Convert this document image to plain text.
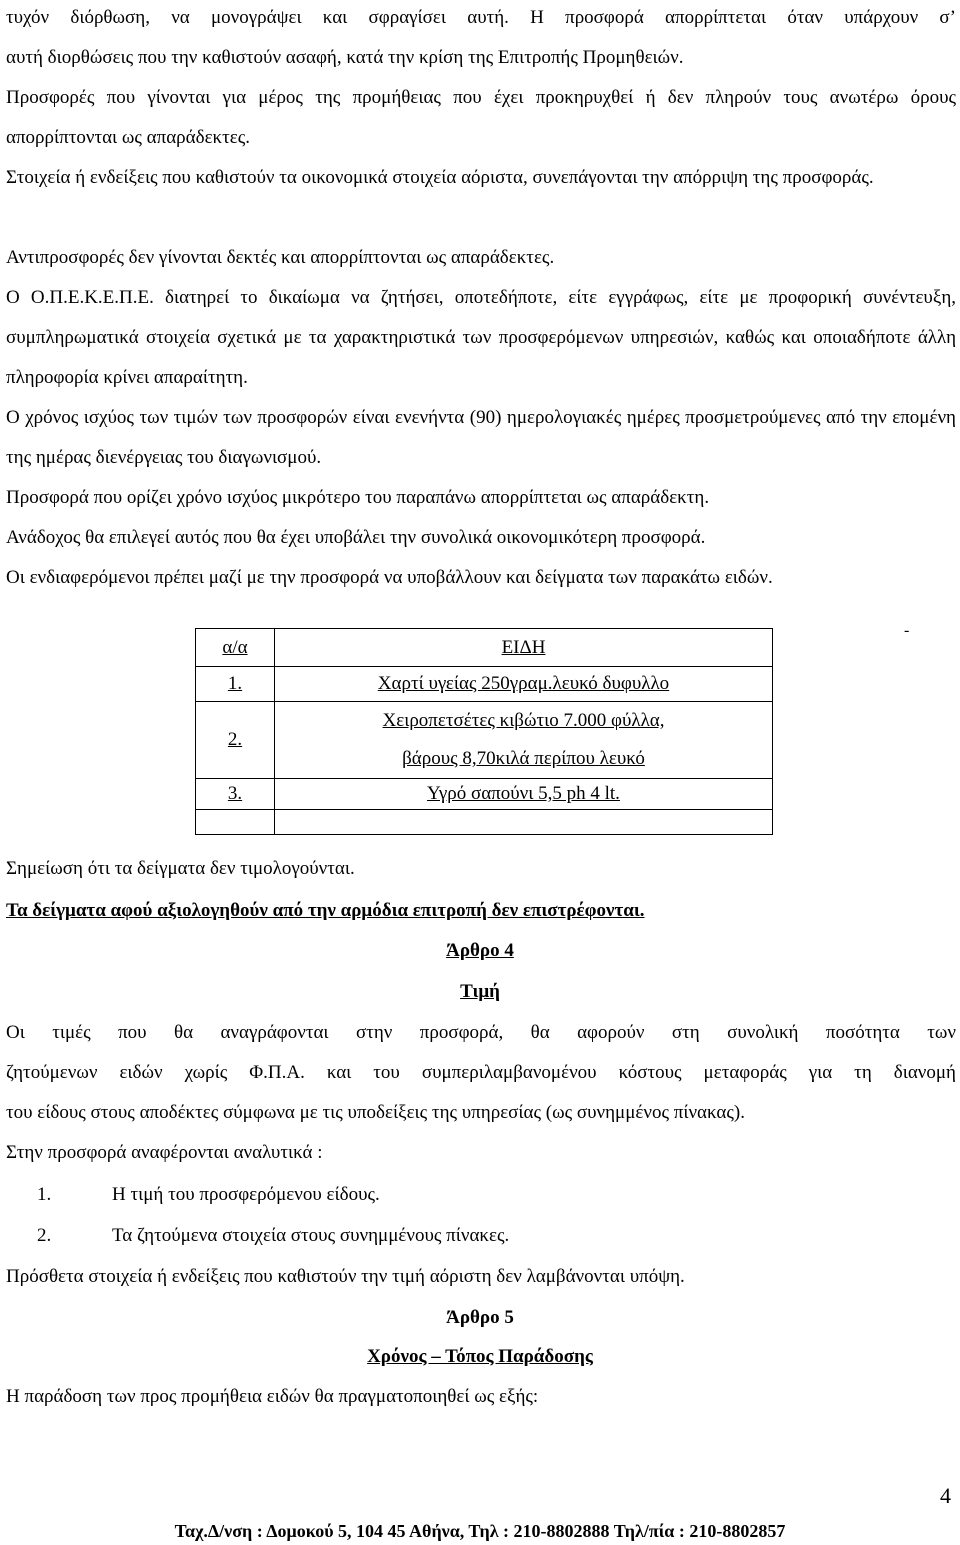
τυχόν διόρθωση, να μονογράψει και σφραγίσει αυτή. Η προσφορά απορρίπτεται όταν υπάρχουν σ’
αυτή διορθώσεις που την καθιστούν ασαφή, κατά την κρίση της Επιτροπής Προμηθειών.
Προσφορές που γίνονται για μέρος της προμήθειας που έχει προκηρυχθεί ή δεν πληρούν τους ανωτέρω όρους απορρίπτονται ως απαράδεκτες.
Στοιχεία ή ενδείξεις που καθιστούν τα οικονομικά στοιχεία αόριστα, συνεπάγονται την απόρριψη της προσφοράς.
Αντιπροσφορές δεν γίνονται δεκτές και απορρίπτονται ως απαράδεκτες.
Ο Ο.Π.Ε.Κ.Ε.Π.Ε. διατηρεί το δικαίωμα να ζητήσει, οποτεδήποτε, είτε εγγράφως, είτε με προφορική συνέντευξη, συμπληρωματικά στοιχεία σχετικά με τα χαρακτηριστικά των προσφερόμενων υπηρεσιών, καθώς και οποιαδήποτε άλλη πληροφορία κρίνει απαραίτητη.
Ο χρόνος ισχύος των τιμών των προσφορών είναι ενενήντα (90) ημερολογιακές ημέρες προσμετρούμενες από την επομένη της ημέρας διενέργειας του διαγωνισμού.
Προσφορά που ορίζει χρόνο ισχύος μικρότερο του παραπάνω απορρίπτεται ως απαράδεκτη.
Ανάδοχος θα επιλεγεί αυτός που θα έχει υποβάλει την συνολικά οικονομικότερη προσφορά.
Οι ενδιαφερόμενοι πρέπει μαζί με την προσφορά να υποβάλλουν και δείγματα των παρακάτω ειδών.
-
α/α	ΕΙΔΗ
1.	Χαρτί υγείας 250γραμ.λευκό δυφυλλο
2.	Χειροπετσέτες κιβώτιο 7.000 φύλλα,
βάρους 8,70κιλά περίπου λευκό

3.	Υγρό σαπούνι 5,5 ph 4 lt.

Σημείωση ότι τα δείγματα δεν τιμολογούνται.
Τα δείγματα αφού αξιολογηθούν από την αρμόδια επιτροπή δεν επιστρέφονται.
Άρθρο 4
Τιμή
Οι τιμές που θα αναγράφονται στην προσφορά, θα αφορούν στη συνολική ποσότητα των
ζητούμενων ειδών χωρίς Φ.Π.Α. και του συμπεριλαμβανομένου κόστους μεταφοράς για τη διανομή
του είδους στους αποδέκτες σύμφωνα με τις υποδείξεις της υπηρεσίας (ως συνημμένος πίνακας).
Στην προσφορά αναφέρονται αναλυτικά :
1.	Η τιμή του προσφερόμενου είδους.
2.	Τα ζητούμενα στοιχεία στους συνημμένους πίνακες.
Πρόσθετα στοιχεία ή ενδείξεις που καθιστούν την τιμή αόριστη δεν λαμβάνονται υπόψη.
Άρθρο 5
Χρόνος – Τόπος Παράδοσης
Η παράδοση των προς προμήθεια ειδών θα πραγματοποιηθεί ως εξής:
4
Ταχ.Δ/νση : Δομοκού 5, 104 45 Αθήνα, Τηλ : 210-8802888 Τηλ/πία : 210-8802857
